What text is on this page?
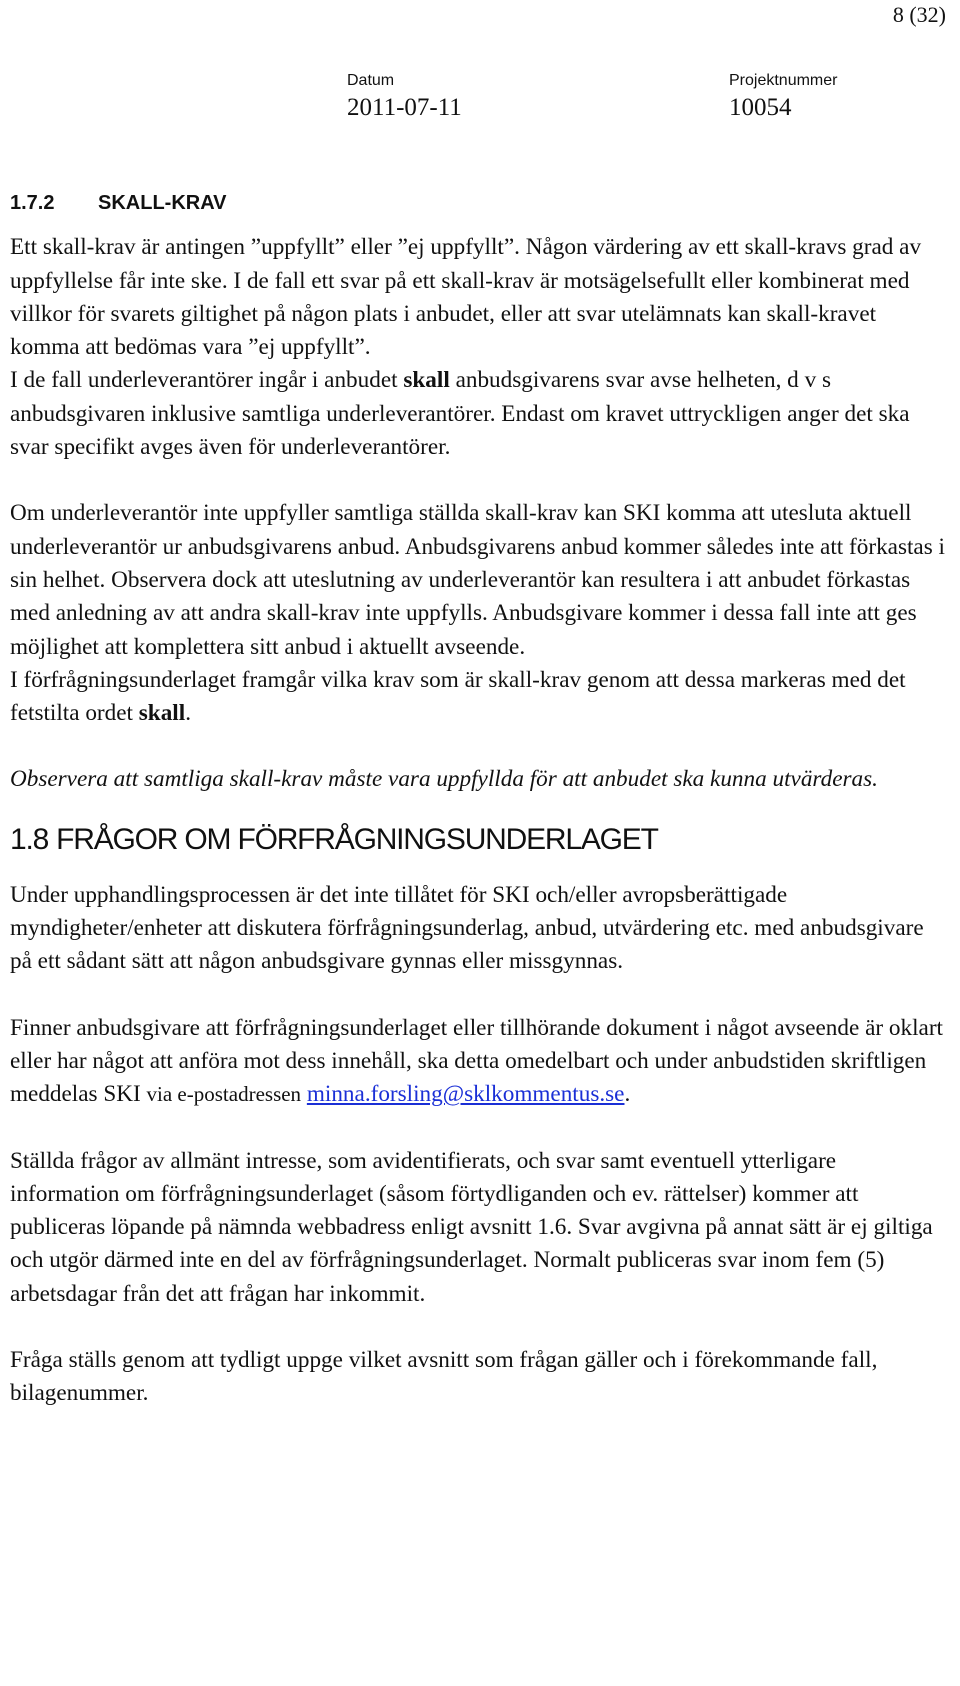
8 (32)
Datum
2011-07-11
Projektnummer
10054
1.7.2 SKALL-KRAV

Ett skall-krav är antingen ”uppfyllt” eller ”ej uppfyllt”. Någon värdering av ett skall-kravs grad av uppfyllelse får inte ske. I de fall ett svar på ett skall-krav är motsägelsefullt eller kombinerat med villkor för svarets giltighet på någon plats i anbudet, eller att svar utelämnats kan skall-kravet komma att bedömas vara ”ej uppfyllt”.

I de fall underleverantörer ingår i anbudet skall anbudsgivarens svar avse helheten, d v s anbudsgivaren inklusive samtliga underleverantörer. Endast om kravet uttryckligen anger det ska svar specifikt avges även för underleverantörer.

Om underleverantör inte uppfyller samtliga ställda skall-krav kan SKI komma att utesluta aktuell underleverantör ur anbudsgivarens anbud. Anbudsgivarens anbud kommer således inte att förkastas i sin helhet. Observera dock att uteslutning av underleverantör kan resultera i att anbudet förkastas med anledning av att andra skall-krav inte uppfylls. Anbudsgivare kommer i dessa fall inte att ges möjlighet att komplettera sitt anbud i aktuellt avseende.

I förfrågningsunderlaget framgår vilka krav som är skall-krav genom att dessa markeras med det fetstilta ordet skall.

Observera att samtliga skall-krav måste vara uppfyllda för att anbudet ska kunna utvärderas.

1.8 FRÅGOR OM FÖRFRÅGNINGSUNDERLAGET

Under upphandlingsprocessen är det inte tillåtet för SKI och/eller avropsberättigade myndigheter/enheter att diskutera förfrågningsunderlag, anbud, utvärdering etc. med anbudsgivare på ett sådant sätt att någon anbudsgivare gynnas eller missgynnas.

Finner anbudsgivare att förfrågningsunderlaget eller tillhörande dokument i något avseende är oklart eller har något att anföra mot dess innehåll, ska detta omedelbart och under anbudstiden skriftligen meddelas SKI via e-postadressen minna.forsling@sklkommentus.se.

Ställda frågor av allmänt intresse, som avidentifierats, och svar samt eventuell ytterligare information om förfrågningsunderlaget (såsom förtydliganden och ev. rättelser) kommer att publiceras löpande på nämnda webbadress enligt avsnitt 1.6. Svar avgivna på annat sätt är ej giltiga och utgör därmed inte en del av förfrågningsunderlaget. Normalt publiceras svar inom fem (5) arbetsdagar från det att frågan har inkommit.

Fråga ställs genom att tydligt uppge vilket avsnitt som frågan gäller och i förekommande fall, bilagenummer.
